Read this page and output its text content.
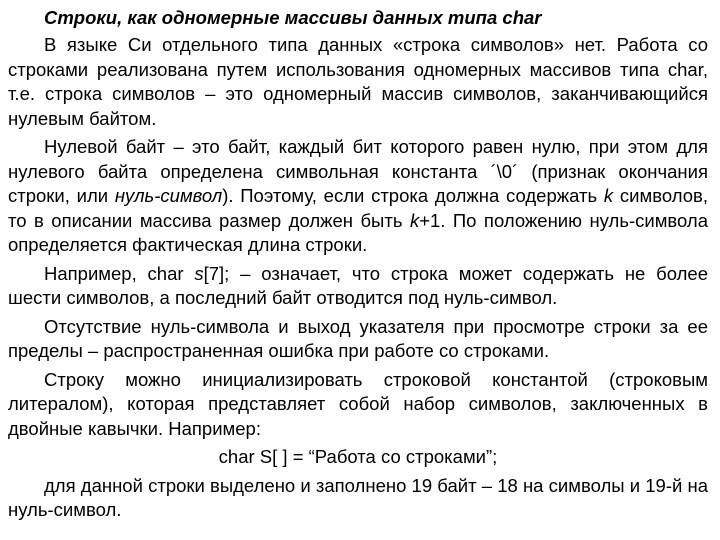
Строки, как одномерные массивы данных типа char

В языке Си отдельного типа данных «строка символов» нет. Работа со строками реализована путем использования одномерных массивов типа char, т.е. строка символов – это одномерный массив символов, заканчивающийся нулевым байтом.

Нулевой байт – это байт, каждый бит которого равен нулю, при этом для нулевого байта определена символьная константа ´\0´ (признак окончания строки, или нуль-символ). Поэтому, если строка должна содержать k символов, то в описании массива размер должен быть k+1. По положению нуль-символа определяется фактическая длина строки.

Например, char s[7]; – означает, что строка может содержать не более шести символов, а последний байт отводится под нуль-символ.

Отсутствие нуль-символа и выход указателя при просмотре строки за ее пределы – распространенная ошибка при работе со строками.

Строку можно инициализировать строковой константой (строковым литералом), которая представляет собой набор символов, заключенных в двойные кавычки. Например:

char S[ ] = “Работа со строками”;

для данной строки выделено и заполнено 19 байт – 18 на символы и 19-й на нуль-символ.
